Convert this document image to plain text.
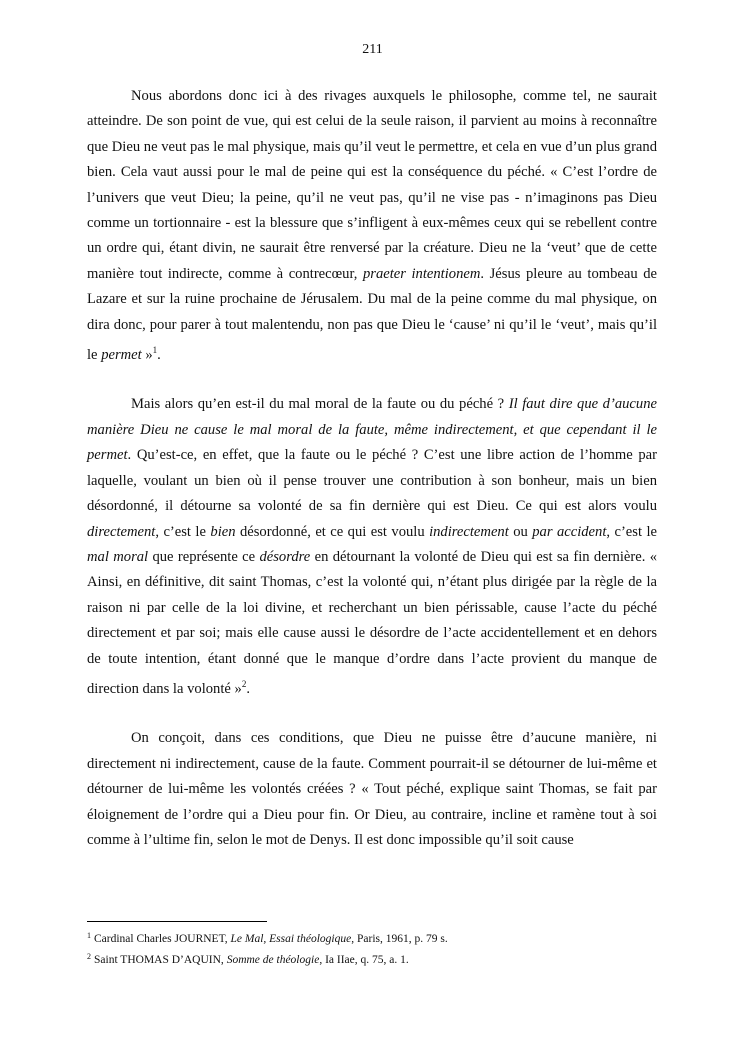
211

Nous abordons donc ici à des rivages auxquels le philosophe, comme tel, ne saurait atteindre. De son point de vue, qui est celui de la seule raison, il parvient au moins à reconnaître que Dieu ne veut pas le mal physique, mais qu’il veut le permettre, et cela en vue d’un plus grand bien. Cela vaut aussi pour le mal de peine qui est la conséquence du péché. « C’est l’ordre de l’univers que veut Dieu; la peine, qu’il ne veut pas, qu’il ne vise pas - n’imaginons pas Dieu comme un tortionnaire - est la blessure que s’infligent à eux-mêmes ceux qui se rebellent contre un ordre qui, étant divin, ne saurait être renversé par la créature. Dieu ne la ‘veut’ que de cette manière tout indirecte, comme à contrecœur, praeter intentionem. Jésus pleure au tombeau de Lazare et sur la ruine prochaine de Jérusalem. Du mal de la peine comme du mal physique, on dira donc, pour parer à tout malentendu, non pas que Dieu le ‘cause’ ni qu’il le ‘veut’, mais qu’il le permet »$^1$.

Mais alors qu’en est-il du mal moral de la faute ou du péché ? Il faut dire que d’aucune manière Dieu ne cause le mal moral de la faute, même indirectement, et que cependant il le permet. Qu’est-ce, en effet, que la faute ou le péché ? C’est une libre action de l’homme par laquelle, voulant un bien où il pense trouver une contribution à son bonheur, mais un bien désordonné, il détourne sa volonté de sa fin dernière qui est Dieu. Ce qui est alors voulu directement, c’est le bien désordonné, et ce qui est voulu indirectement ou par accident, c’est le mal moral que représente ce désordre en détournant la volonté de Dieu qui est sa fin dernière. « Ainsi, en définitive, dit saint Thomas, c’est la volonté qui, n’étant plus dirigée par la règle de la raison ni par celle de la loi divine, et recherchant un bien périssable, cause l’acte du péché directement et par soi; mais elle cause aussi le désordre de l’acte accidentellement et en dehors de toute intention, étant donné que le manque d’ordre dans l’acte provient du manque de direction dans la volonté »$^2$.

On conçoit, dans ces conditions, que Dieu ne puisse être d’aucune manière, ni directement ni indirectement, cause de la faute. Comment pourrait-il se détourner de lui-même et détourner de lui-même les volontés créées ? « Tout péché, explique saint Thomas, se fait par éloignement de l’ordre qui a Dieu pour fin. Or Dieu, au contraire, incline et ramène tout à soi comme à l’ultime fin, selon le mot de Denys. Il est donc impossible qu’il soit cause

$^1$ Cardinal Charles JOURNET, Le Mal, Essai théologique, Paris, 1961, p. 79 s.

$^2$ Saint THOMAS D’AQUIN, Somme de théologie, Ia IIae, q. 75, a. 1.
